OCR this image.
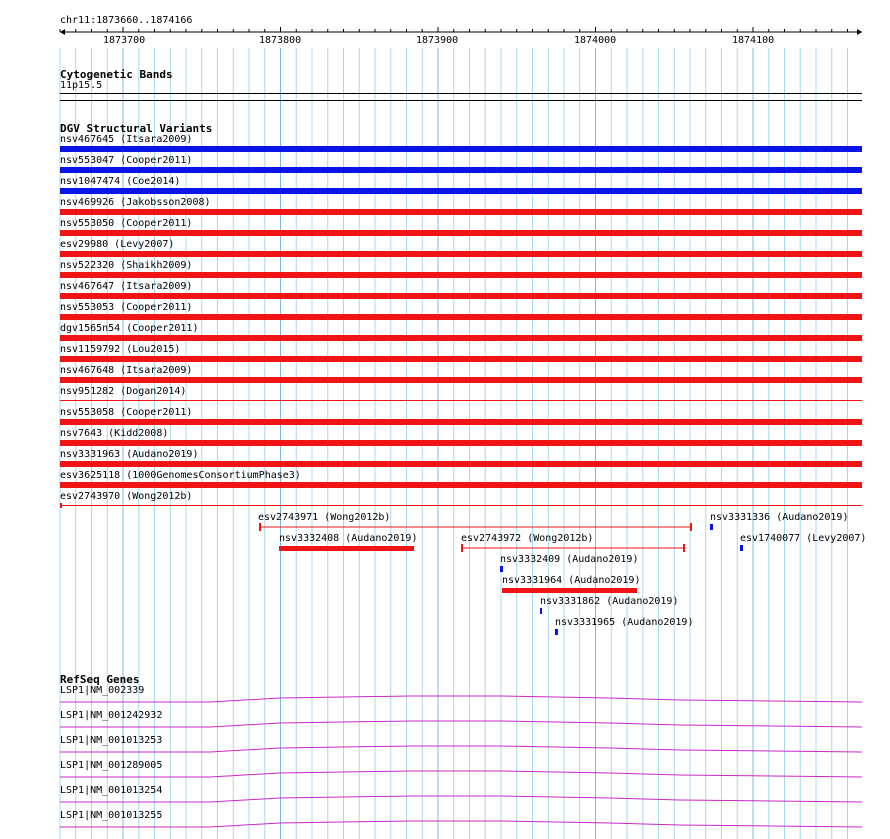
chr11:1873660..1874166
1873700	1873800	1873900	1874000	1874100
Cytogenetic Bands
11p15.5
DGV Structural Variants
nsv467645 (Itsara2009)
nsv553047 (Cooper2011)
nsv1047474 (Coe2014)
nsv469926 (Jakobsson2008)
nsv553050 (Cooper2011)
esv29980 (Levy2007)
nsv522320 (Shaikh2009)
nsv467647 (Itsara2009)
nsv553053 (Cooper2011)
dgv1565n54 (Cooper2011)
nsv1159792 (Lou2015)
nsv467648 (Itsara2009)
nsv951282 (Dogan2014)
nsv553058 (Cooper2011)
nsv7643 (Kidd2008)
nsv3331963 (Audano2019)
esv3625118 (1000GenomesConsortiumPhase3)
esv2743970 (Wong2012b)
esv2743971 (Wong2012b)	nsv3331336 (Audano2019)
nsv3332408 (Audano2019)	esv2743972 (Wong2012b)	esv1740077 (Levy2007)
nsv3332409 (Audano2019)
nsv3331964 (Audano2019)
nsv3331862 (Audano2019)
nsv3331965 (Audano2019)
RefSeq Genes
LSP1|NM_002339
LSP1|NM_001242932
LSP1|NM_001013253
LSP1|NM_001289005
LSP1|NM_001013254
LSP1|NM_001013255
